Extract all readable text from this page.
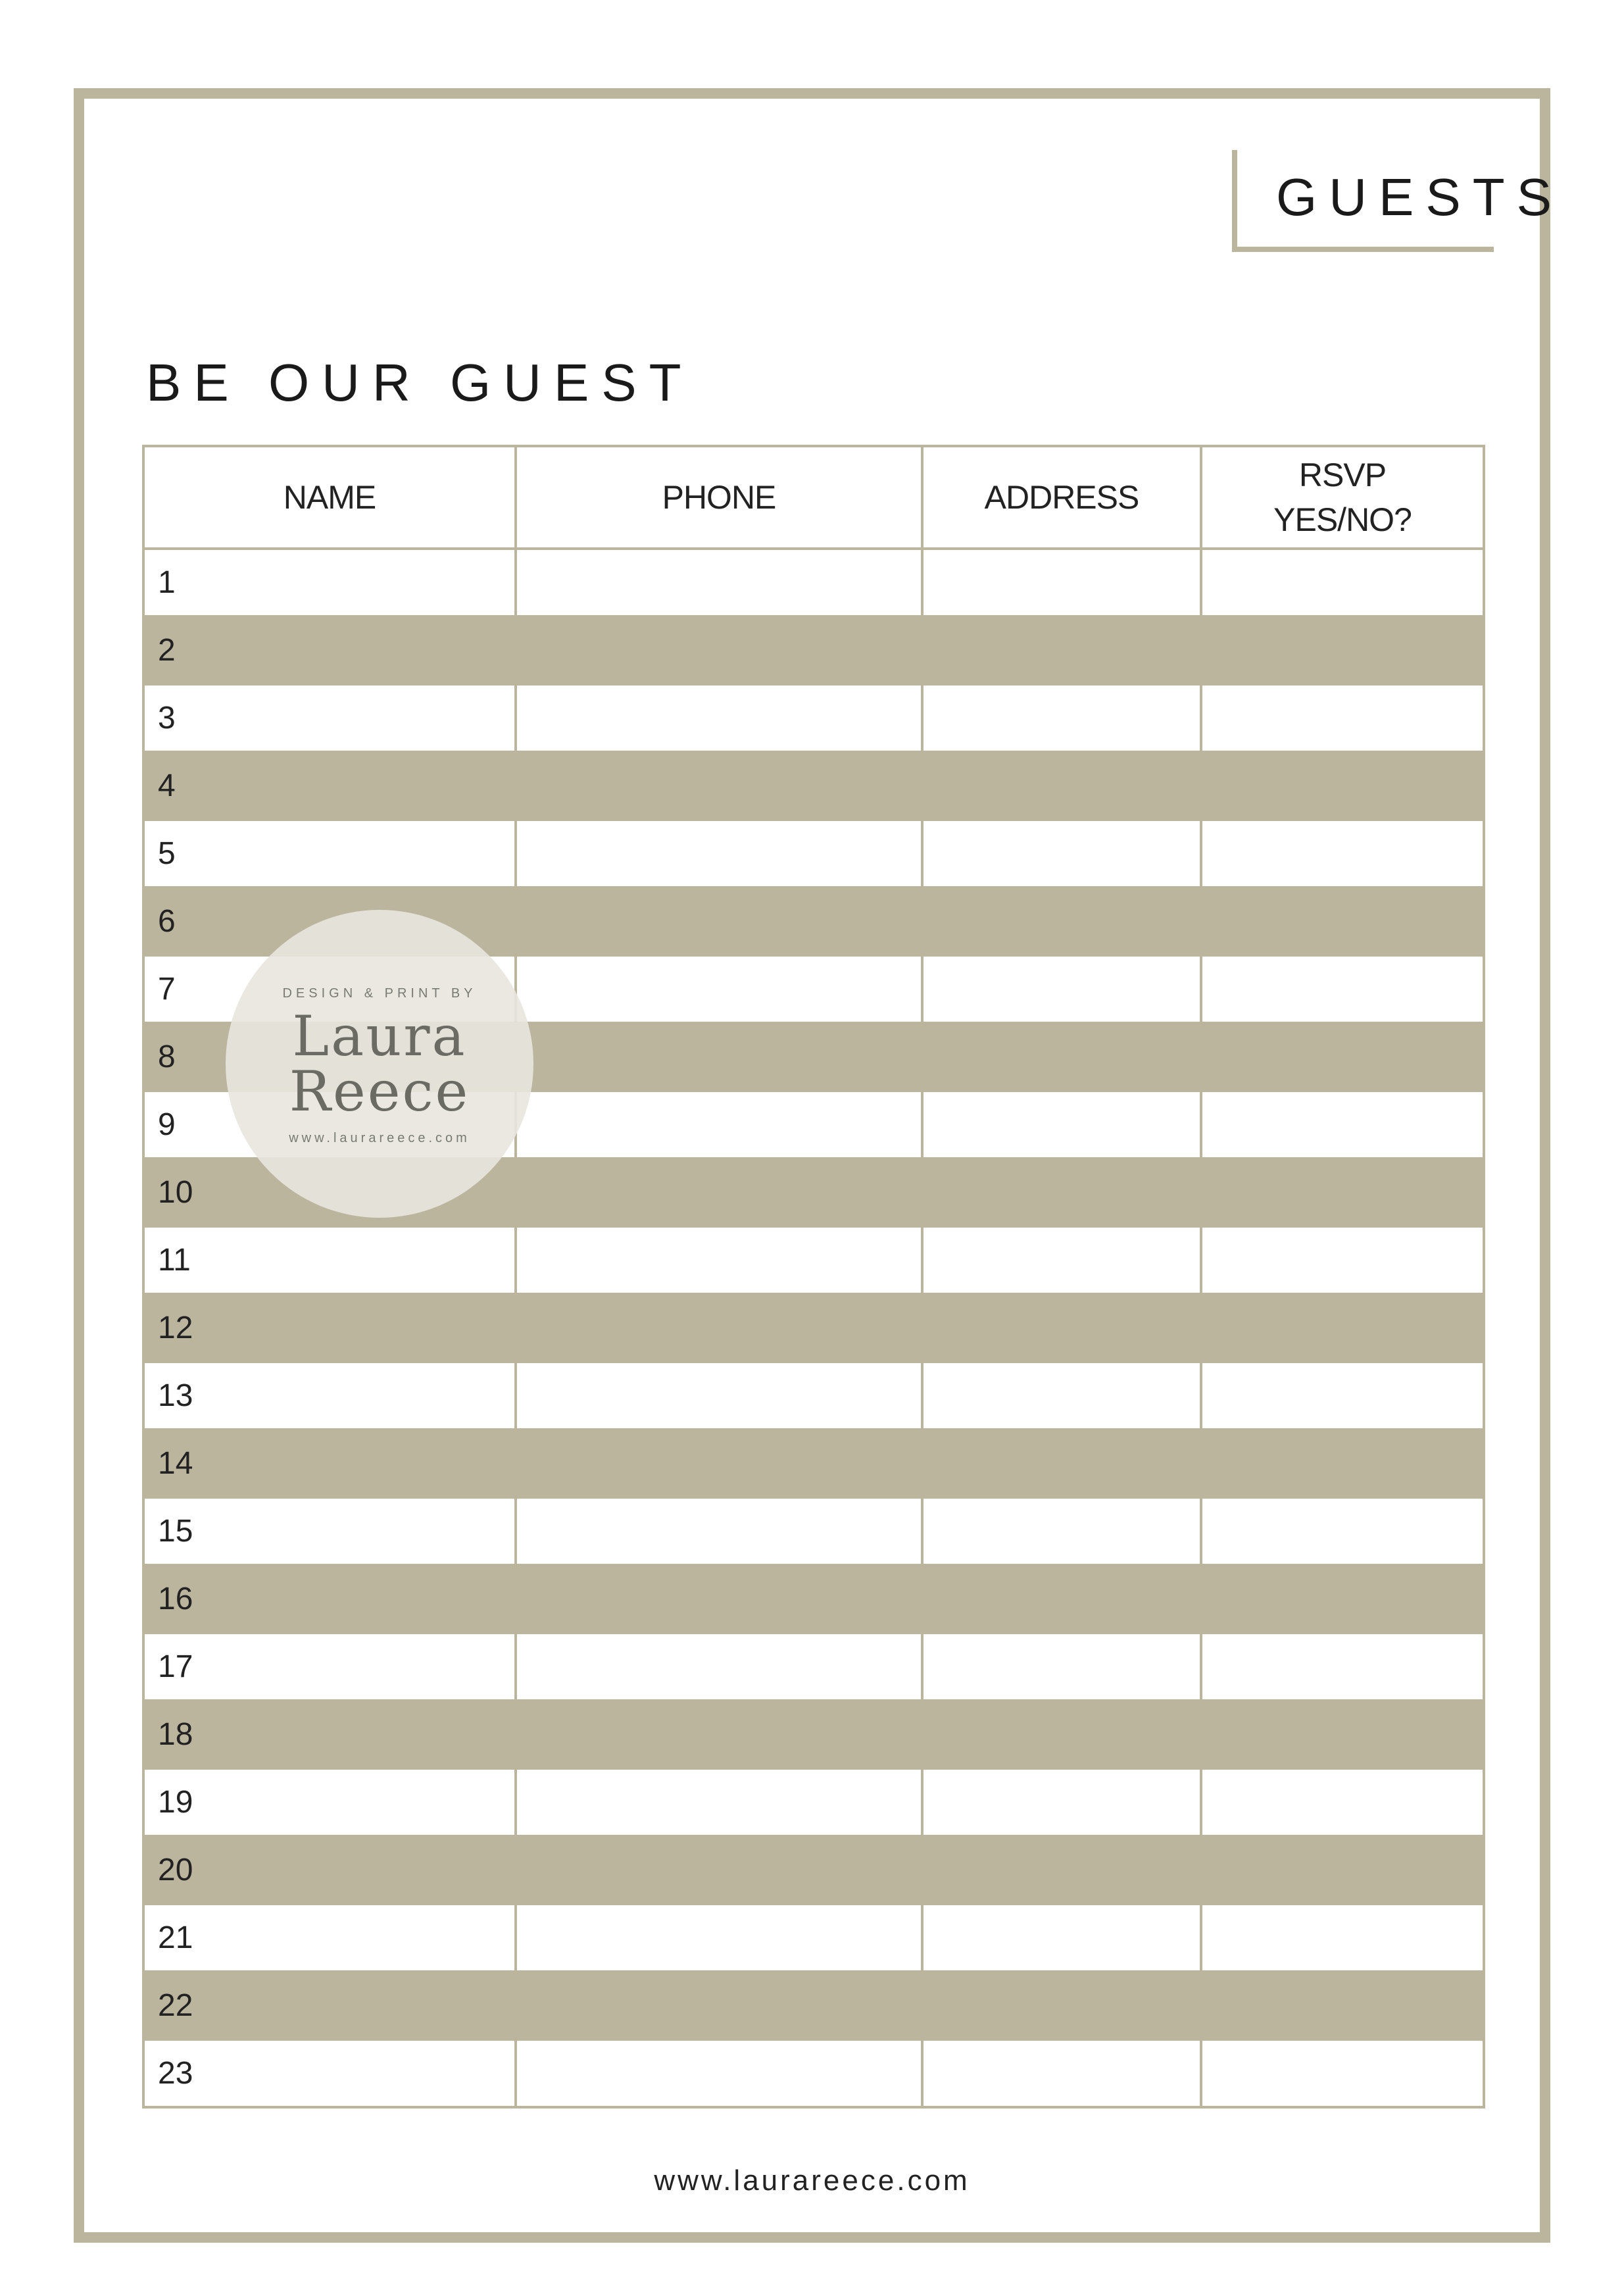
GUESTS
BE OUR GUEST
NAME	PHONE	ADDRESS	RSVP
YES/NO?

1			
2			
3			
4			
5			
6			
7			
8			
9			
10			
11			
12			
13			
14			
15			
16			
17			
18			
19			
20			
21			
22			
23			
DESIGN & PRINT BY
Laura
Reece
www.laurareece.com
www.laurareece.com
